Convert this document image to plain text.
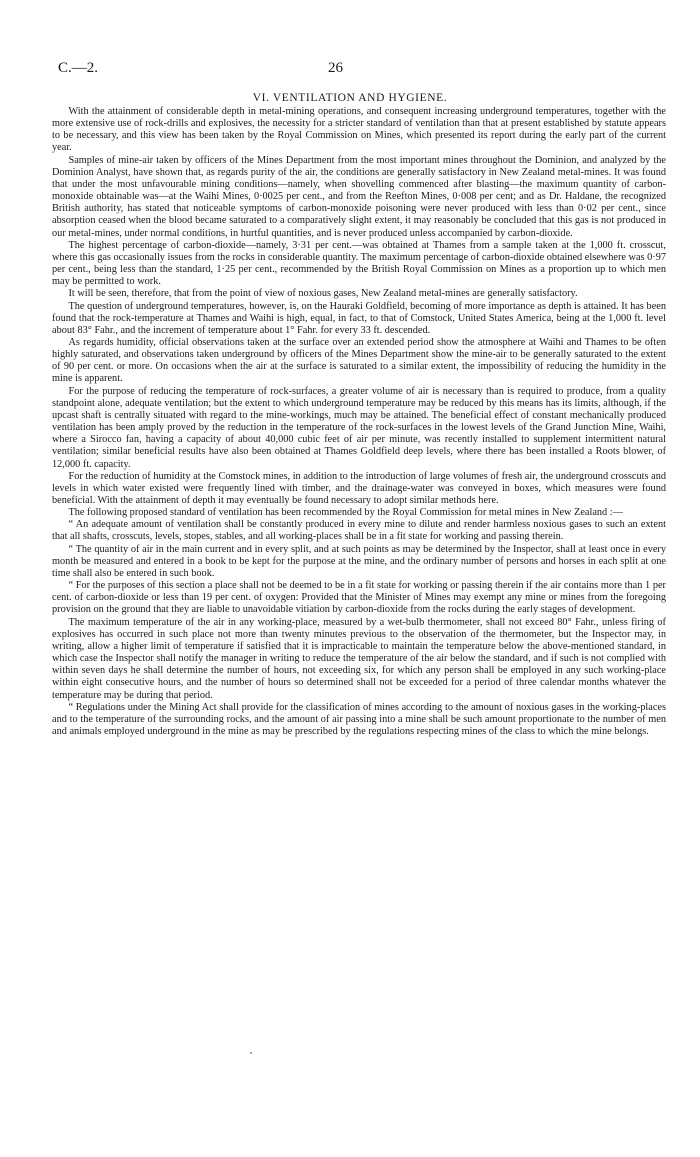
C.—2.	26
VI. VENTILATION AND HYGIENE.

With the attainment of considerable depth in metal-mining operations, and consequent increasing underground temperatures, together with the more extensive use of rock-drills and explosives, the necessity for a stricter standard of ventilation than that at present established by statute appears to be necessary, and this view has been taken by the Royal Commission on Mines, which presented its report during the early part of the current year.

Samples of mine-air taken by officers of the Mines Department from the most important mines throughout the Dominion, and analyzed by the Dominion Analyst, have shown that, as regards purity of the air, the conditions are generally satisfactory in New Zealand metal-mines. It was found that under the most unfavourable mining conditions—namely, when shovelling commenced after blasting—the maximum quantity of carbon-monoxide obtainable was—at the Waihi Mines, 0·0025 per cent., and from the Reefton Mines, 0·008 per cent; and as Dr. Haldane, the recognized British authority, has stated that noticeable symptoms of carbon-monoxide poisoning were never produced with less than 0·02 per cent., since absorption ceased when the blood became saturated to a comparatively slight extent, it may reasonably be concluded that this gas is not produced in our metal-mines, under normal conditions, in hurtful quantities, and is never produced unless accompanied by carbon-dioxide.

The highest percentage of carbon-dioxide—namely, 3·31 per cent.—was obtained at Thames from a sample taken at the 1,000 ft. crosscut, where this gas occasionally issues from the rocks in considerable quantity. The maximum percentage of carbon-dioxide obtained elsewhere was 0·97 per cent., being less than the standard, 1·25 per cent., recommended by the British Royal Commission on Mines as a proportion up to which men may be permitted to work.

It will be seen, therefore, that from the point of view of noxious gases, New Zealand metal-mines are generally satisfactory.

The question of underground temperatures, however, is, on the Hauraki Goldfield, becoming of more importance as depth is attained. It has been found that the rock-temperature at Thames and Waihi is high, equal, in fact, to that of Comstock, United States America, being at the 1,000 ft. level about 83° Fahr., and the increment of temperature about 1° Fahr. for every 33 ft. descended.

As regards humidity, official observations taken at the surface over an extended period show the atmosphere at Waihi and Thames to be often highly saturated, and observations taken underground by officers of the Mines Department show the mine-air to be generally saturated to the extent of 90 per cent. or more. On occasions when the air at the surface is saturated to a similar extent, the impossibility of reducing the humidity in the mine is apparent.

For the purpose of reducing the temperature of rock-surfaces, a greater volume of air is necessary than is required to produce, from a quality standpoint alone, adequate ventilation; but the extent to which underground temperature may be reduced by this means has its limits, although, if the upcast shaft is centrally situated with regard to the mine-workings, much may be attained. The beneficial effect of constant mechanically produced ventilation has been amply proved by the reduction in the temperature of the rock-surfaces in the lowest levels of the Grand Junction Mine, Waihi, where a Sirocco fan, having a capacity of about 40,000 cubic feet of air per minute, was recently installed to supplement intermittent natural ventilation; similar beneficial results have also been obtained at Thames Goldfield deep levels, where there has been installed a Roots blower, of 12,000 ft. capacity.

For the reduction of humidity at the Comstock mines, in addition to the introduction of large volumes of fresh air, the underground crosscuts and levels in which water existed were frequently lined with timber, and the drainage-water was conveyed in boxes, which measures were found beneficial. With the attainment of depth it may eventually be found necessary to adopt similar methods here.

The following proposed standard of ventilation has been recommended by the Royal Commission for metal mines in New Zealand :—

“ An adequate amount of ventilation shall be constantly produced in every mine to dilute and render harmless noxious gases to such an extent that all shafts, crosscuts, levels, stopes, stables, and all working-places shall be in a fit state for working and passing therein.

“ The quantity of air in the main current and in every split, and at such points as may be determined by the Inspector, shall at least once in every month be measured and entered in a book to be kept for the purpose at the mine, and the ordinary number of persons and horses in each split at one time shall also be entered in such book.

“ For the purposes of this section a place shall not be deemed to be in a fit state for working or passing therein if the air contains more than 1 per cent. of carbon-dioxide or less than 19 per cent. of oxygen: Provided that the Minister of Mines may exempt any mine or mines from the foregoing provision on the ground that they are liable to unavoidable vitiation by carbon-dioxide from the rocks during the early stages of development.

The maximum temperature of the air in any working-place, measured by a wet-bulb thermometer, shall not exceed 80° Fahr., unless firing of explosives has occurred in such place not more than twenty minutes previous to the observation of the thermometer, but the Inspector may, in writing, allow a higher limit of temperature if satisfied that it is impracticable to maintain the temperature below the above-mentioned standard, in which case the Inspector shall notify the manager in writing to reduce the temperature of the air below the standard, and if such is not complied with within seven days he shall determine the number of hours, not exceeding six, for which any person shall be employed in any such working-place within eight consecutive hours, and the number of hours so determined shall not be exceeded for a period of three calendar months whatever the temperature may be during that period.

“ Regulations under the Mining Act shall provide for the classification of mines according to the amount of noxious gases in the working-places and to the temperature of the surrounding rocks, and the amount of air passing into a mine shall be such amount proportionate to the number of men and animals employed underground in the mine as may be prescribed by the regulations respecting mines of the class to which the mine belongs.
